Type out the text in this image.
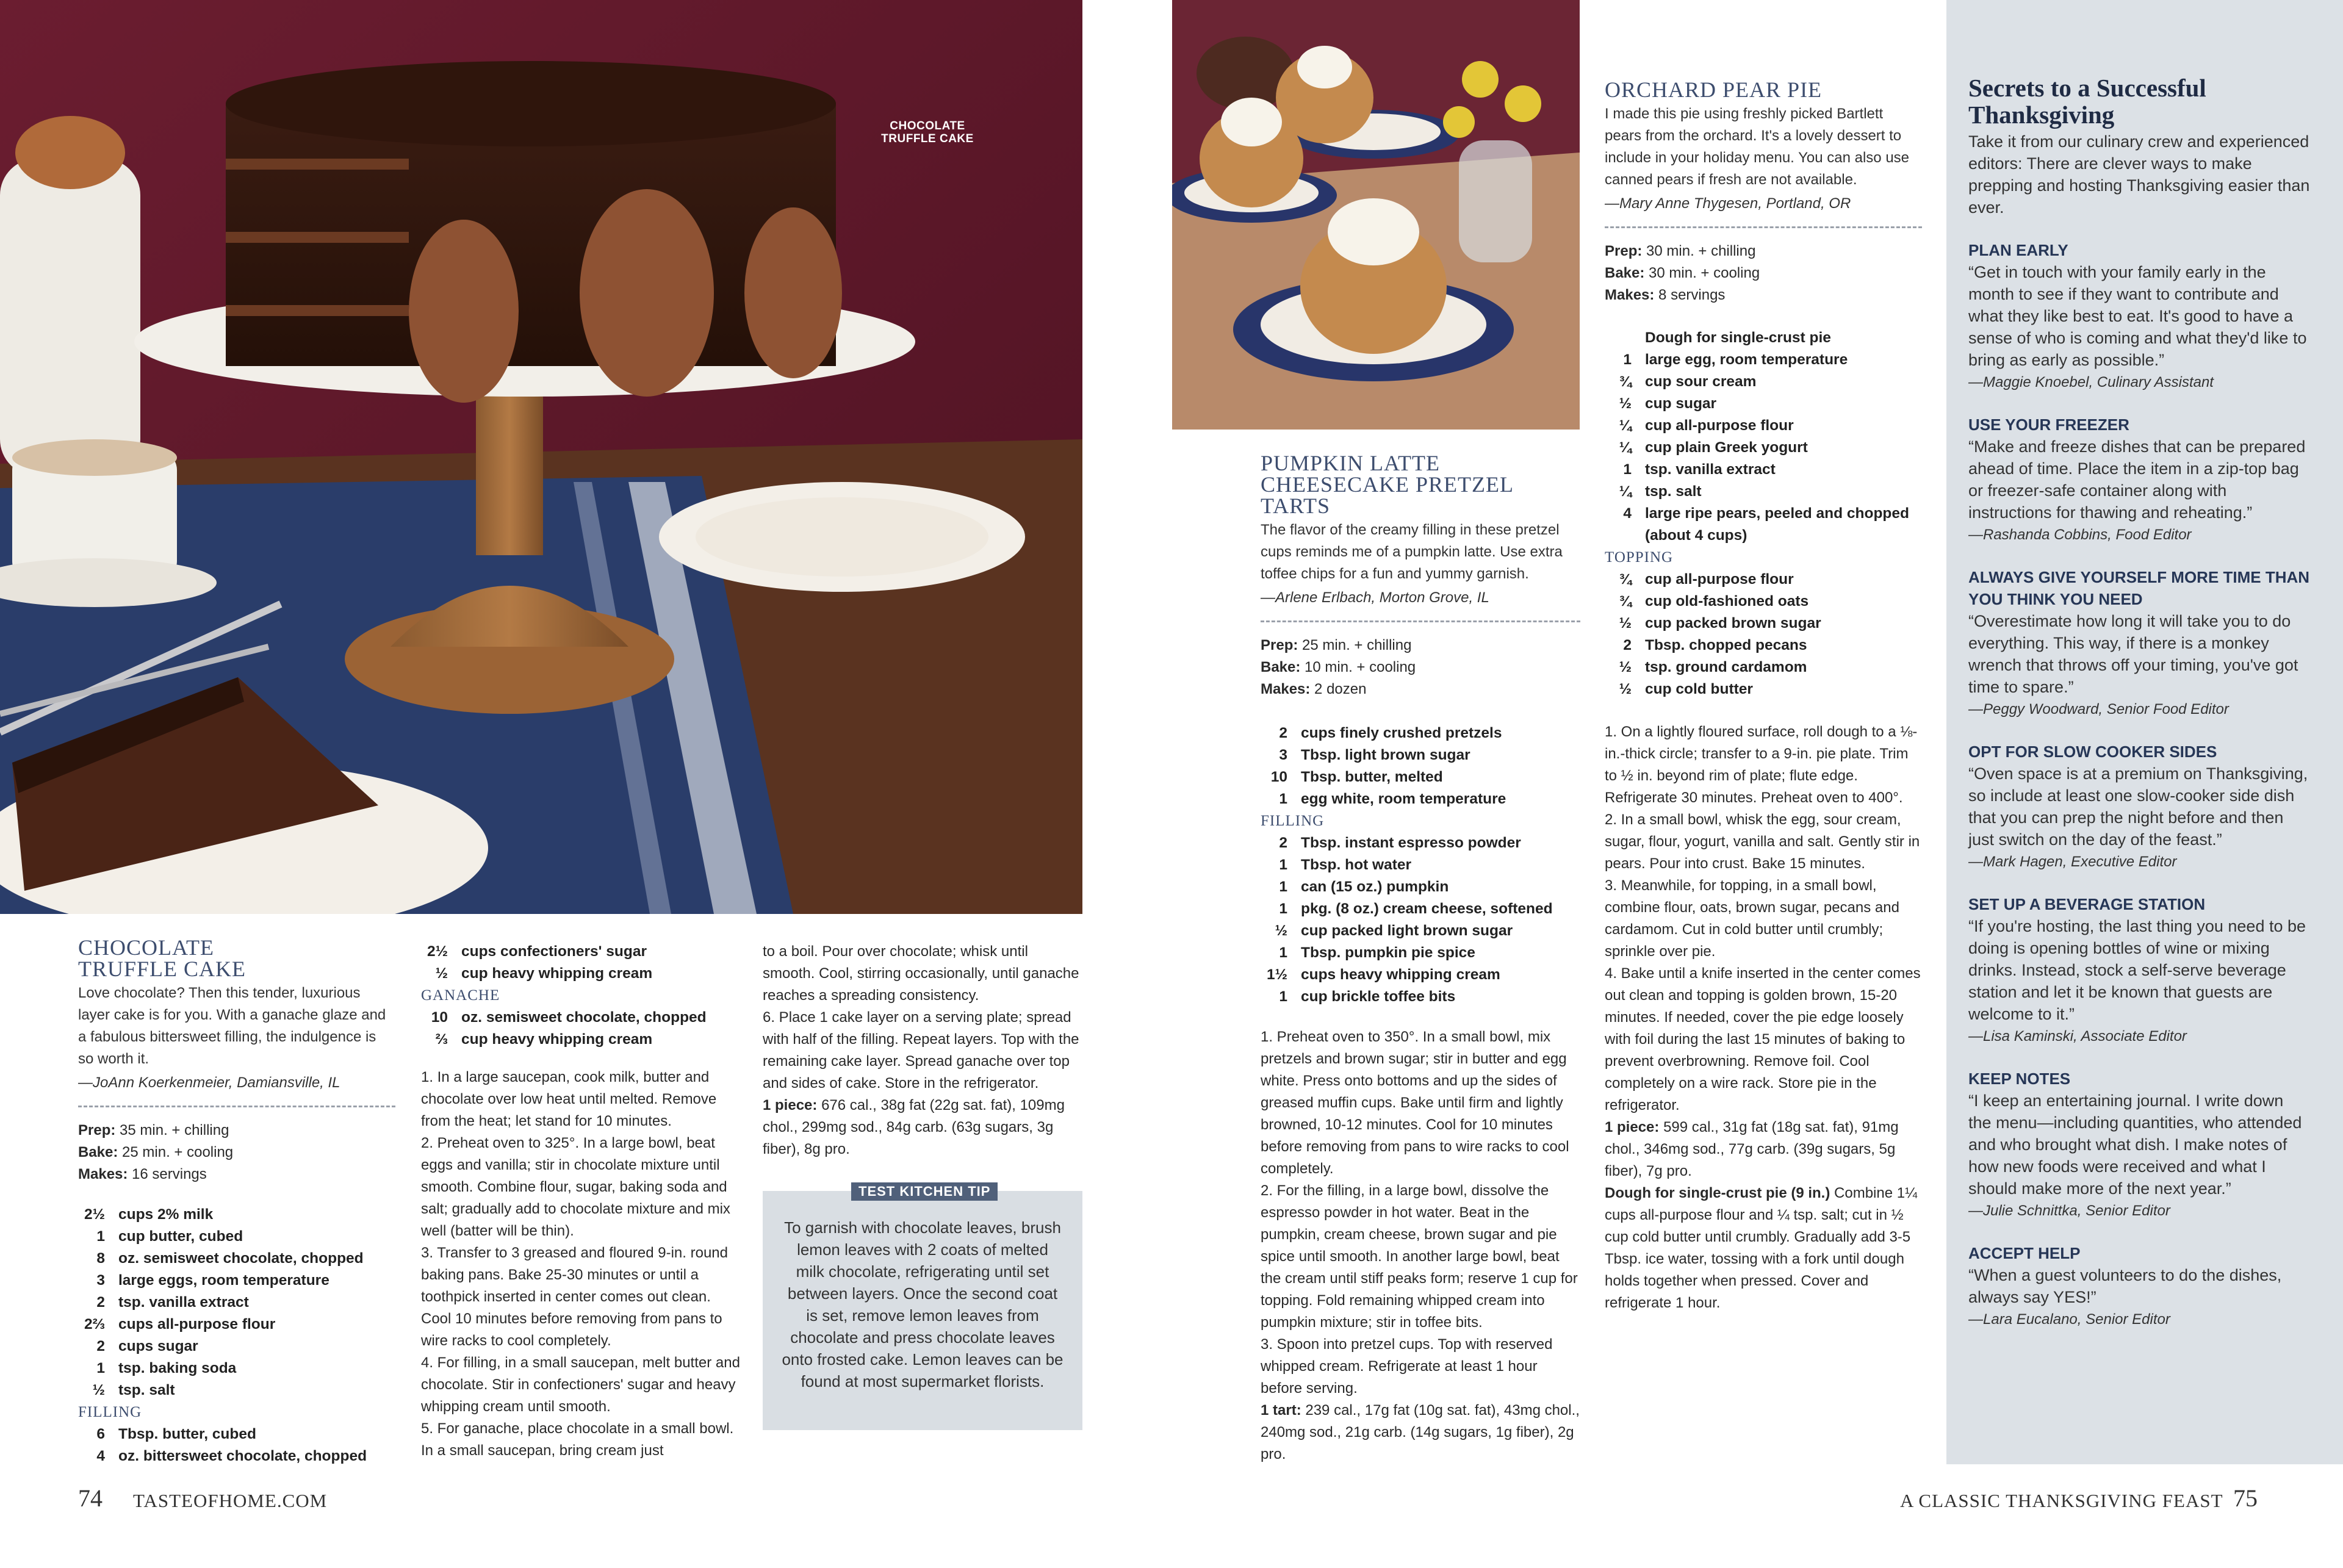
CHOCOLATE TRUFFLE CAKE
CHOCOLATE TRUFFLE CAKE
Love chocolate? Then this tender, luxurious layer cake is for you. With a ganache glaze and a fabulous bittersweet filling, the indulgence is so worth it.
—JoAnn Koerkenmeier, Damiansville, IL
Prep: 35 min. + chilling
Bake: 25 min. + cooling
Makes: 16 servings
2½ cups 2% milk
1 cup butter, cubed
8 oz. semisweet chocolate, chopped
3 large eggs, room temperature
2 tsp. vanilla extract
2⅔ cups all-purpose flour
2 cups sugar
1 tsp. baking soda
½ tsp. salt
FILLING
6 Tbsp. butter, cubed
4 oz. bittersweet chocolate, chopped
2½ cups confectioners' sugar
½ cup heavy whipping cream
GANACHE
10 oz. semisweet chocolate, chopped
⅔ cup heavy whipping cream

1. In a large saucepan, cook milk, butter and chocolate over low heat until melted. Remove from the heat; let stand for 10 minutes.

2. Preheat oven to 325°. In a large bowl, beat eggs and vanilla; stir in chocolate mixture until smooth. Combine flour, sugar, baking soda and salt; gradually add to chocolate mixture and mix well (batter will be thin).

3. Transfer to 3 greased and floured 9-in. round baking pans. Bake 25-30 minutes or until a toothpick inserted in center comes out clean. Cool 10 minutes before removing from pans to wire racks to cool completely.

4. For filling, in a small saucepan, melt butter and chocolate. Stir in confectioners' sugar and heavy whipping cream until smooth.

5. For ganache, place chocolate in a small bowl. In a small saucepan, bring cream just

to a boil. Pour over chocolate; whisk until smooth. Cool, stirring occasionally, until ganache reaches a spreading consistency.

6. Place 1 cake layer on a serving plate; spread with half of the filling. Repeat layers. Top with the remaining cake layer. Spread ganache over top and sides of cake. Store in the refrigerator.

1 piece: 676 cal., 38g fat (22g sat. fat), 109mg chol., 299mg sod., 84g carb. (63g sugars, 3g fiber), 8g pro.

TEST KITCHEN TIP
To garnish with chocolate leaves, brush lemon leaves with 2 coats of melted milk chocolate, refrigerating until set between layers. Once the second coat is set, remove lemon leaves from chocolate and press chocolate leaves onto frosted cake. Lemon leaves can be found at most supermarket florists.
PUMPKIN LATTE CHEESECAKE PRETZEL TARTS
The flavor of the creamy filling in these pretzel cups reminds me of a pumpkin latte. Use extra toffee chips for a fun and yummy garnish.
—Arlene Erlbach, Morton Grove, IL
Prep: 25 min. + chilling
Bake: 10 min. + cooling
Makes: 2 dozen
2 cups finely crushed pretzels
3 Tbsp. light brown sugar
10 Tbsp. butter, melted
1 egg white, room temperature
FILLING
2 Tbsp. instant espresso powder
1 Tbsp. hot water
1 can (15 oz.) pumpkin
1 pkg. (8 oz.) cream cheese, softened
½ cup packed light brown sugar
1 Tbsp. pumpkin pie spice
1½ cups heavy whipping cream
1 cup brickle toffee bits

1. Preheat oven to 350°. In a small bowl, mix pretzels and brown sugar; stir in butter and egg white. Press onto bottoms and up the sides of greased muffin cups. Bake until firm and lightly browned, 10-12 minutes. Cool for 10 minutes before removing from pans to wire racks to cool completely.

2. For the filling, in a large bowl, dissolve the espresso powder in hot water. Beat in the pumpkin, cream cheese, brown sugar and pie spice until smooth. In another large bowl, beat the cream until stiff peaks form; reserve 1 cup for topping. Fold remaining whipped cream into pumpkin mixture; stir in toffee bits.

3. Spoon into pretzel cups. Top with reserved whipped cream. Refrigerate at least 1 hour before serving.

1 tart: 239 cal., 17g fat (10g sat. fat), 43mg chol., 240mg sod., 21g carb. (14g sugars, 1g fiber), 2g pro.

ORCHARD PEAR PIE
I made this pie using freshly picked Bartlett pears from the orchard. It's a lovely dessert to include in your holiday menu. You can also use canned pears if fresh are not available.
—Mary Anne Thygesen, Portland, OR
Prep: 30 min. + chilling
Bake: 30 min. + cooling
Makes: 8 servings
Dough for single-crust pie
1 large egg, room temperature
¾ cup sour cream
½ cup sugar
¼ cup all-purpose flour
¼ cup plain Greek yogurt
1 tsp. vanilla extract
¼ tsp. salt
4 large ripe pears, peeled and chopped
(about 4 cups)
TOPPING
¾ cup all-purpose flour
¾ cup old-fashioned oats
½ cup packed brown sugar
2 Tbsp. chopped pecans
½ tsp. ground cardamom
½ cup cold butter

1. On a lightly floured surface, roll dough to a ⅛-in.-thick circle; transfer to a 9-in. pie plate. Trim to ½ in. beyond rim of plate; flute edge. Refrigerate 30 minutes. Preheat oven to 400°.

2. In a small bowl, whisk the egg, sour cream, sugar, flour, yogurt, vanilla and salt. Gently stir in pears. Pour into crust. Bake 15 minutes.

3. Meanwhile, for topping, in a small bowl, combine flour, oats, brown sugar, pecans and cardamom. Cut in cold butter until crumbly; sprinkle over pie.

4. Bake until a knife inserted in the center comes out clean and topping is golden brown, 15-20 minutes. If needed, cover the pie edge loosely with foil during the last 15 minutes of baking to prevent overbrowning. Remove foil. Cool completely on a wire rack. Store pie in the refrigerator.

1 piece: 599 cal., 31g fat (18g sat. fat), 91mg chol., 346mg sod., 77g carb. (39g sugars, 5g fiber), 7g pro.

Dough for single-crust pie (9 in.) Combine 1¼ cups all-purpose flour and ¼ tsp. salt; cut in ½ cup cold butter until crumbly. Gradually add 3-5 Tbsp. ice water, tossing with a fork until dough holds together when pressed. Cover and refrigerate 1 hour.

Secrets to a Successful Thanksgiving
Take it from our culinary crew and experienced editors: There are clever ways to make prepping and hosting Thanksgiving easier than ever.
PLAN EARLY
“Get in touch with your family early in the month to see if they want to contribute and what they like best to eat. It's good to have a sense of who is coming and what they'd like to bring as early as possible.”
—Maggie Knoebel, Culinary Assistant
USE YOUR FREEZER
“Make and freeze dishes that can be prepared ahead of time. Place the item in a zip-top bag or freezer-safe container along with instructions for thawing and reheating.”
—Rashanda Cobbins, Food Editor
ALWAYS GIVE YOURSELF MORE TIME THAN YOU THINK YOU NEED
“Overestimate how long it will take you to do everything. This way, if there is a monkey wrench that throws off your timing, you've got time to spare.”
—Peggy Woodward, Senior Food Editor
OPT FOR SLOW COOKER SIDES
“Oven space is at a premium on Thanksgiving, so include at least one slow-cooker side dish that you can prep the night before and then just switch on the day of the feast.”
—Mark Hagen, Executive Editor
SET UP A BEVERAGE STATION
“If you're hosting, the last thing you need to be doing is opening bottles of wine or mixing drinks. Instead, stock a self-serve beverage station and let it be known that guests are welcome to it.”
—Lisa Kaminski, Associate Editor
KEEP NOTES
“I keep an entertaining journal. I write down the menu—including quantities, who attended and who brought what dish. I make notes of how new foods were received and what I should make more of the next year.”
—Julie Schnittka, Senior Editor
ACCEPT HELP
“When a guest volunteers to do the dishes, always say YES!”
—Lara Eucalano, Senior Editor
74 TASTEOFHOME.COM	A CLASSIC THANKSGIVING FEAST 75
